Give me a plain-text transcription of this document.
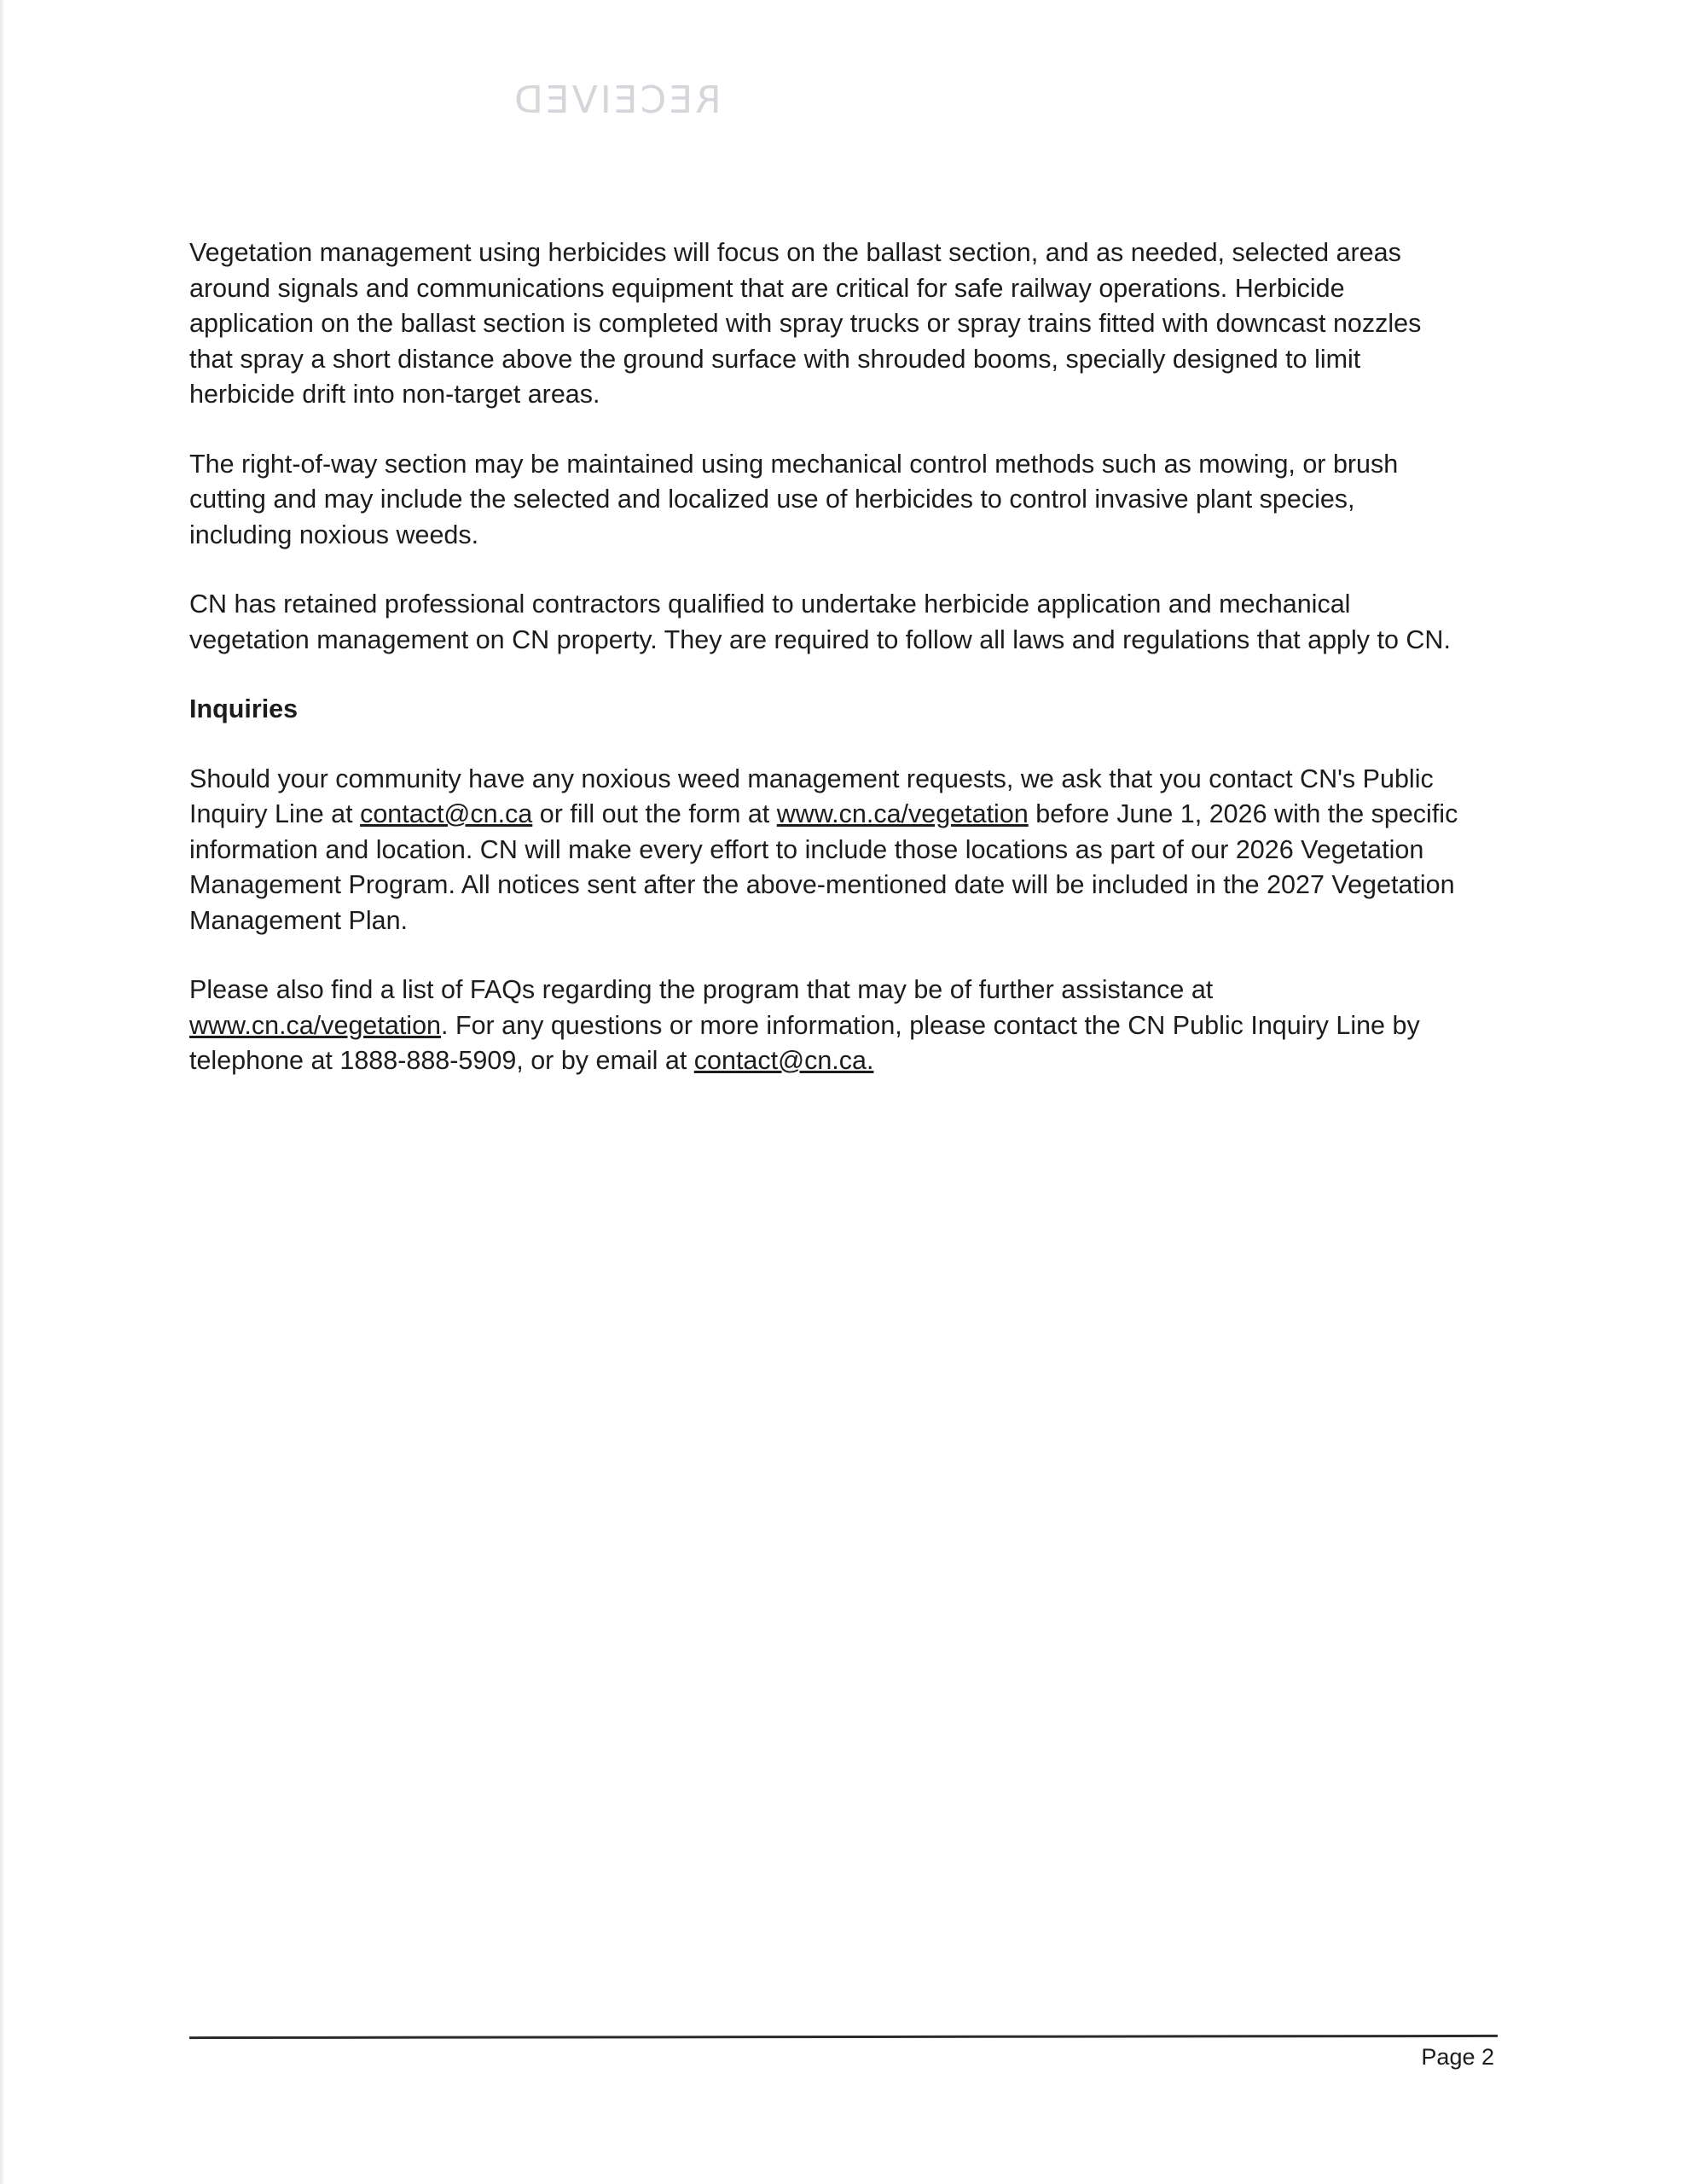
RECEIVED

Vegetation management using herbicides will focus on the ballast section, and as needed, selected areas around signals and communications equipment that are critical for safe railway operations. Herbicide application on the ballast section is completed with spray trucks or spray trains fitted with downcast nozzles that spray a short distance above the ground surface with shrouded booms, specially designed to limit herbicide drift into non-target areas.

The right-of-way section may be maintained using mechanical control methods such as mowing, or brush cutting and may include the selected and localized use of herbicides to control invasive plant species, including noxious weeds.

CN has retained professional contractors qualified to undertake herbicide application and mechanical vegetation management on CN property. They are required to follow all laws and regulations that apply to CN.

Inquiries

Should your community have any noxious weed management requests, we ask that you contact CN's Public Inquiry Line at contact@cn.ca or fill out the form at www.cn.ca/vegetation before June 1, 2026 with the specific information and location. CN will make every effort to include those locations as part of our 2026 Vegetation Management Program. All notices sent after the above-mentioned date will be included in the 2027 Vegetation Management Plan.

Please also find a list of FAQs regarding the program that may be of further assistance at www.cn.ca/vegetation. For any questions or more information, please contact the CN Public Inquiry Line by telephone at 1888-888-5909, or by email at contact@cn.ca.

Page 2
